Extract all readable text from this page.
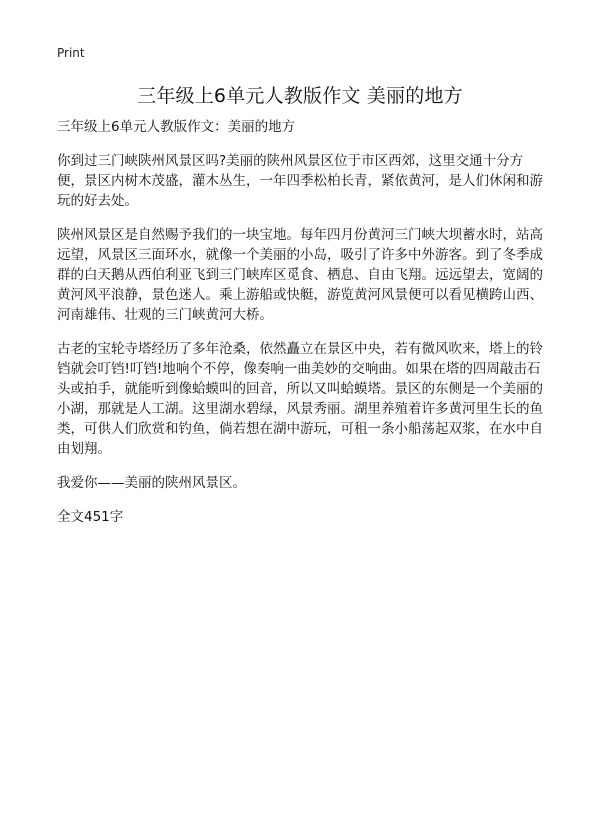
Print
三年级上6单元人教版作文 美丽的地方

三年级上6单元人教版作文：美丽的地方

你到过三门峡陕州风景区吗?美丽的陕州风景区位于市区西郊，这里交通十分方便，景区内树木茂盛，灌木丛生，一年四季松柏长青，紧依黄河，是人们休闲和游玩的好去处。

陕州风景区是自然赐予我们的一块宝地。每年四月份黄河三门峡大坝蓄水时，站高远望，风景区三面环水，就像一个美丽的小岛，吸引了许多中外游客。到了冬季成群的白天鹅从西伯利亚飞到三门峡库区觅食、栖息、自由飞翔。远远望去，宽阔的黄河风平浪静，景色迷人。乘上游船或快艇，游览黄河风景便可以看见横跨山西、河南雄伟、壮观的三门峡黄河大桥。

古老的宝轮寺塔经历了多年沧桑，依然矗立在景区中央，若有微风吹来，塔上的铃铛就会叮铛!叮铛!地响个不停，像奏响一曲美妙的交响曲。如果在塔的四周敲击石头或拍手，就能听到像蛤蟆叫的回音，所以又叫蛤蟆塔。景区的东侧是一个美丽的小湖，那就是人工湖。这里湖水碧绿，风景秀丽。湖里养殖着许多黄河里生长的鱼类，可供人们欣赏和钓鱼，倘若想在湖中游玩，可租一条小船荡起双浆，在水中自由划翔。

我爱你——美丽的陕州风景区。

全文451字
